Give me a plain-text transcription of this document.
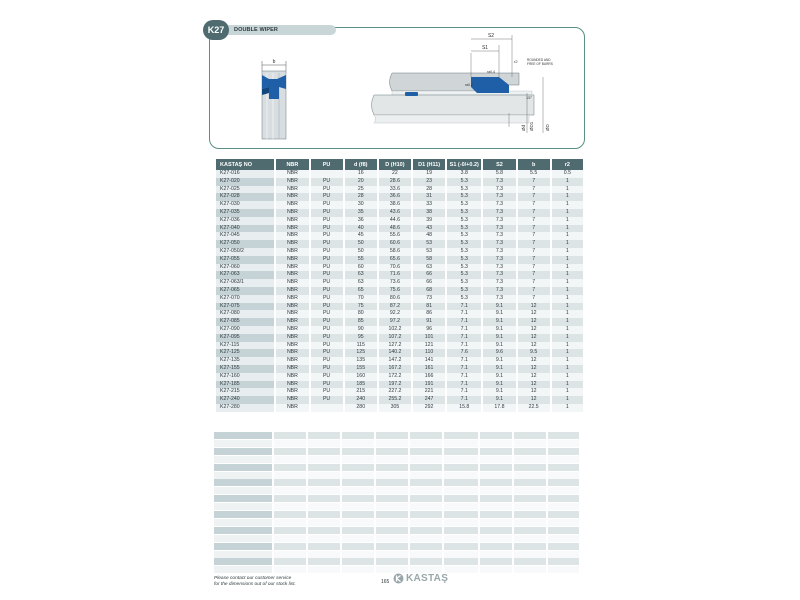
DOUBLE WIPER
K27
b
S2
S1
ROUNDED AND
FREE OF BURRS
r2
ra0.2
ra0.4
15°
Ød ØD1 ØD
KASTAŞ NO	NBR	PU	d (f8)	D (H10)	D1 (H11)	S1 (-0/+0.2)	S2	b	r2
K27-016	NBR		16	22	19	3.8	5.8	5.5	0.5
K27-020	NBR	PU	20	28.6	23	5.3	7.3	7	1
K27-025	NBR	PU	25	33.6	28	5.3	7.3	7	1
K27-028	NBR	PU	28	36.6	31	5.3	7.3	7	1
K27-030	NBR	PU	30	38.6	33	5.3	7.3	7	1
K27-035	NBR	PU	35	43.6	38	5.3	7.3	7	1
K27-036	NBR	PU	36	44.6	39	5.3	7.3	7	1
K27-040	NBR	PU	40	48.6	43	5.3	7.3	7	1
K27-045	NBR	PU	45	55.6	48	5.3	7.3	7	1
K27-050	NBR	PU	50	60.6	53	5.3	7.3	7	1
K27-050/2	NBR	PU	50	58.6	53	5.3	7.3	7	1
K27-055	NBR	PU	55	65.6	58	5.3	7.3	7	1
K27-060	NBR	PU	60	70.6	63	5.3	7.3	7	1
K27-063	NBR	PU	63	71.6	66	5.3	7.3	7	1
K27-063/1	NBR	PU	63	73.6	66	5.3	7.3	7	1
K27-065	NBR	PU	65	75.6	68	5.3	7.3	7	1
K27-070	NBR	PU	70	80.6	73	5.3	7.3	7	1
K27-075	NBR	PU	75	87.2	81	7.1	9.1	12	1
K27-080	NBR	PU	80	92.2	86	7.1	9.1	12	1
K27-085	NBR	PU	85	97.2	91	7.1	9.1	12	1
K27-090	NBR	PU	90	102.2	96	7.1	9.1	12	1
K27-095	NBR	PU	95	107.2	101	7.1	9.1	12	1
K27-115	NBR	PU	115	127.2	121	7.1	9.1	12	1
K27-125	NBR	PU	125	140.2	110	7.6	9.6	9.5	1
K27-135	NBR	PU	135	147.2	141	7.1	9.1	12	1
K27-155	NBR	PU	155	167.2	161	7.1	9.1	12	1
K27-160	NBR	PU	160	172.2	166	7.1	9.1	12	1
K27-185	NBR	PU	185	197.2	191	7.1	9.1	12	1
K27-215	NBR	PU	215	227.2	221	7.1	9.1	12	1
K27-240	NBR	PU	240	255.2	247	7.1	9.1	12	1
K27-280	NBR		280	305	292	15.8	17.8	22.5	1
Please contact our customer service
for the dimensions out of our stock list.	165 KASTAŞ
